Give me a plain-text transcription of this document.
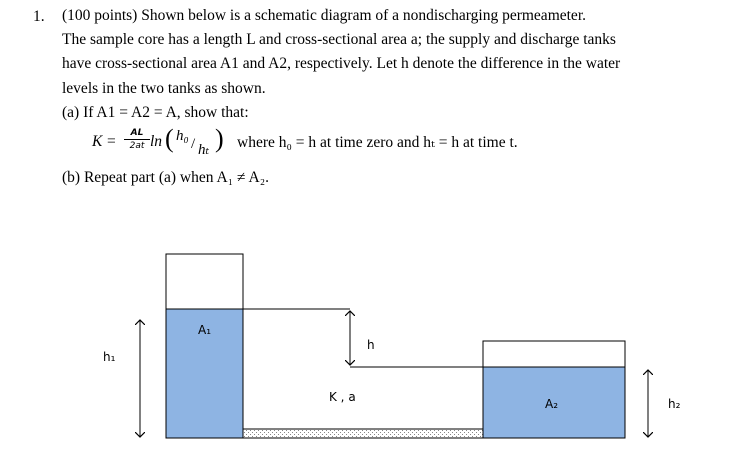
1. (100 points) Shown below is a schematic diagram of a nondischarging permeameter.
The sample core has a length L and cross-sectional area a; the supply and discharge tanks
have cross-sectional area A1 and A2, respectively. Let h denote the difference in the water
levels in the two tanks as shown.
(a) If A1 = A2 = A, show that:
$K = \frac{AL}{2at}$ ln ( h₀ / hₜ ) where h₀ = h at time zero and hₜ = h at time t.
(b) Repeat part (a) when A₁ ≠ A₂.
h
h₁
h₂
A₁
A₂
K , a
